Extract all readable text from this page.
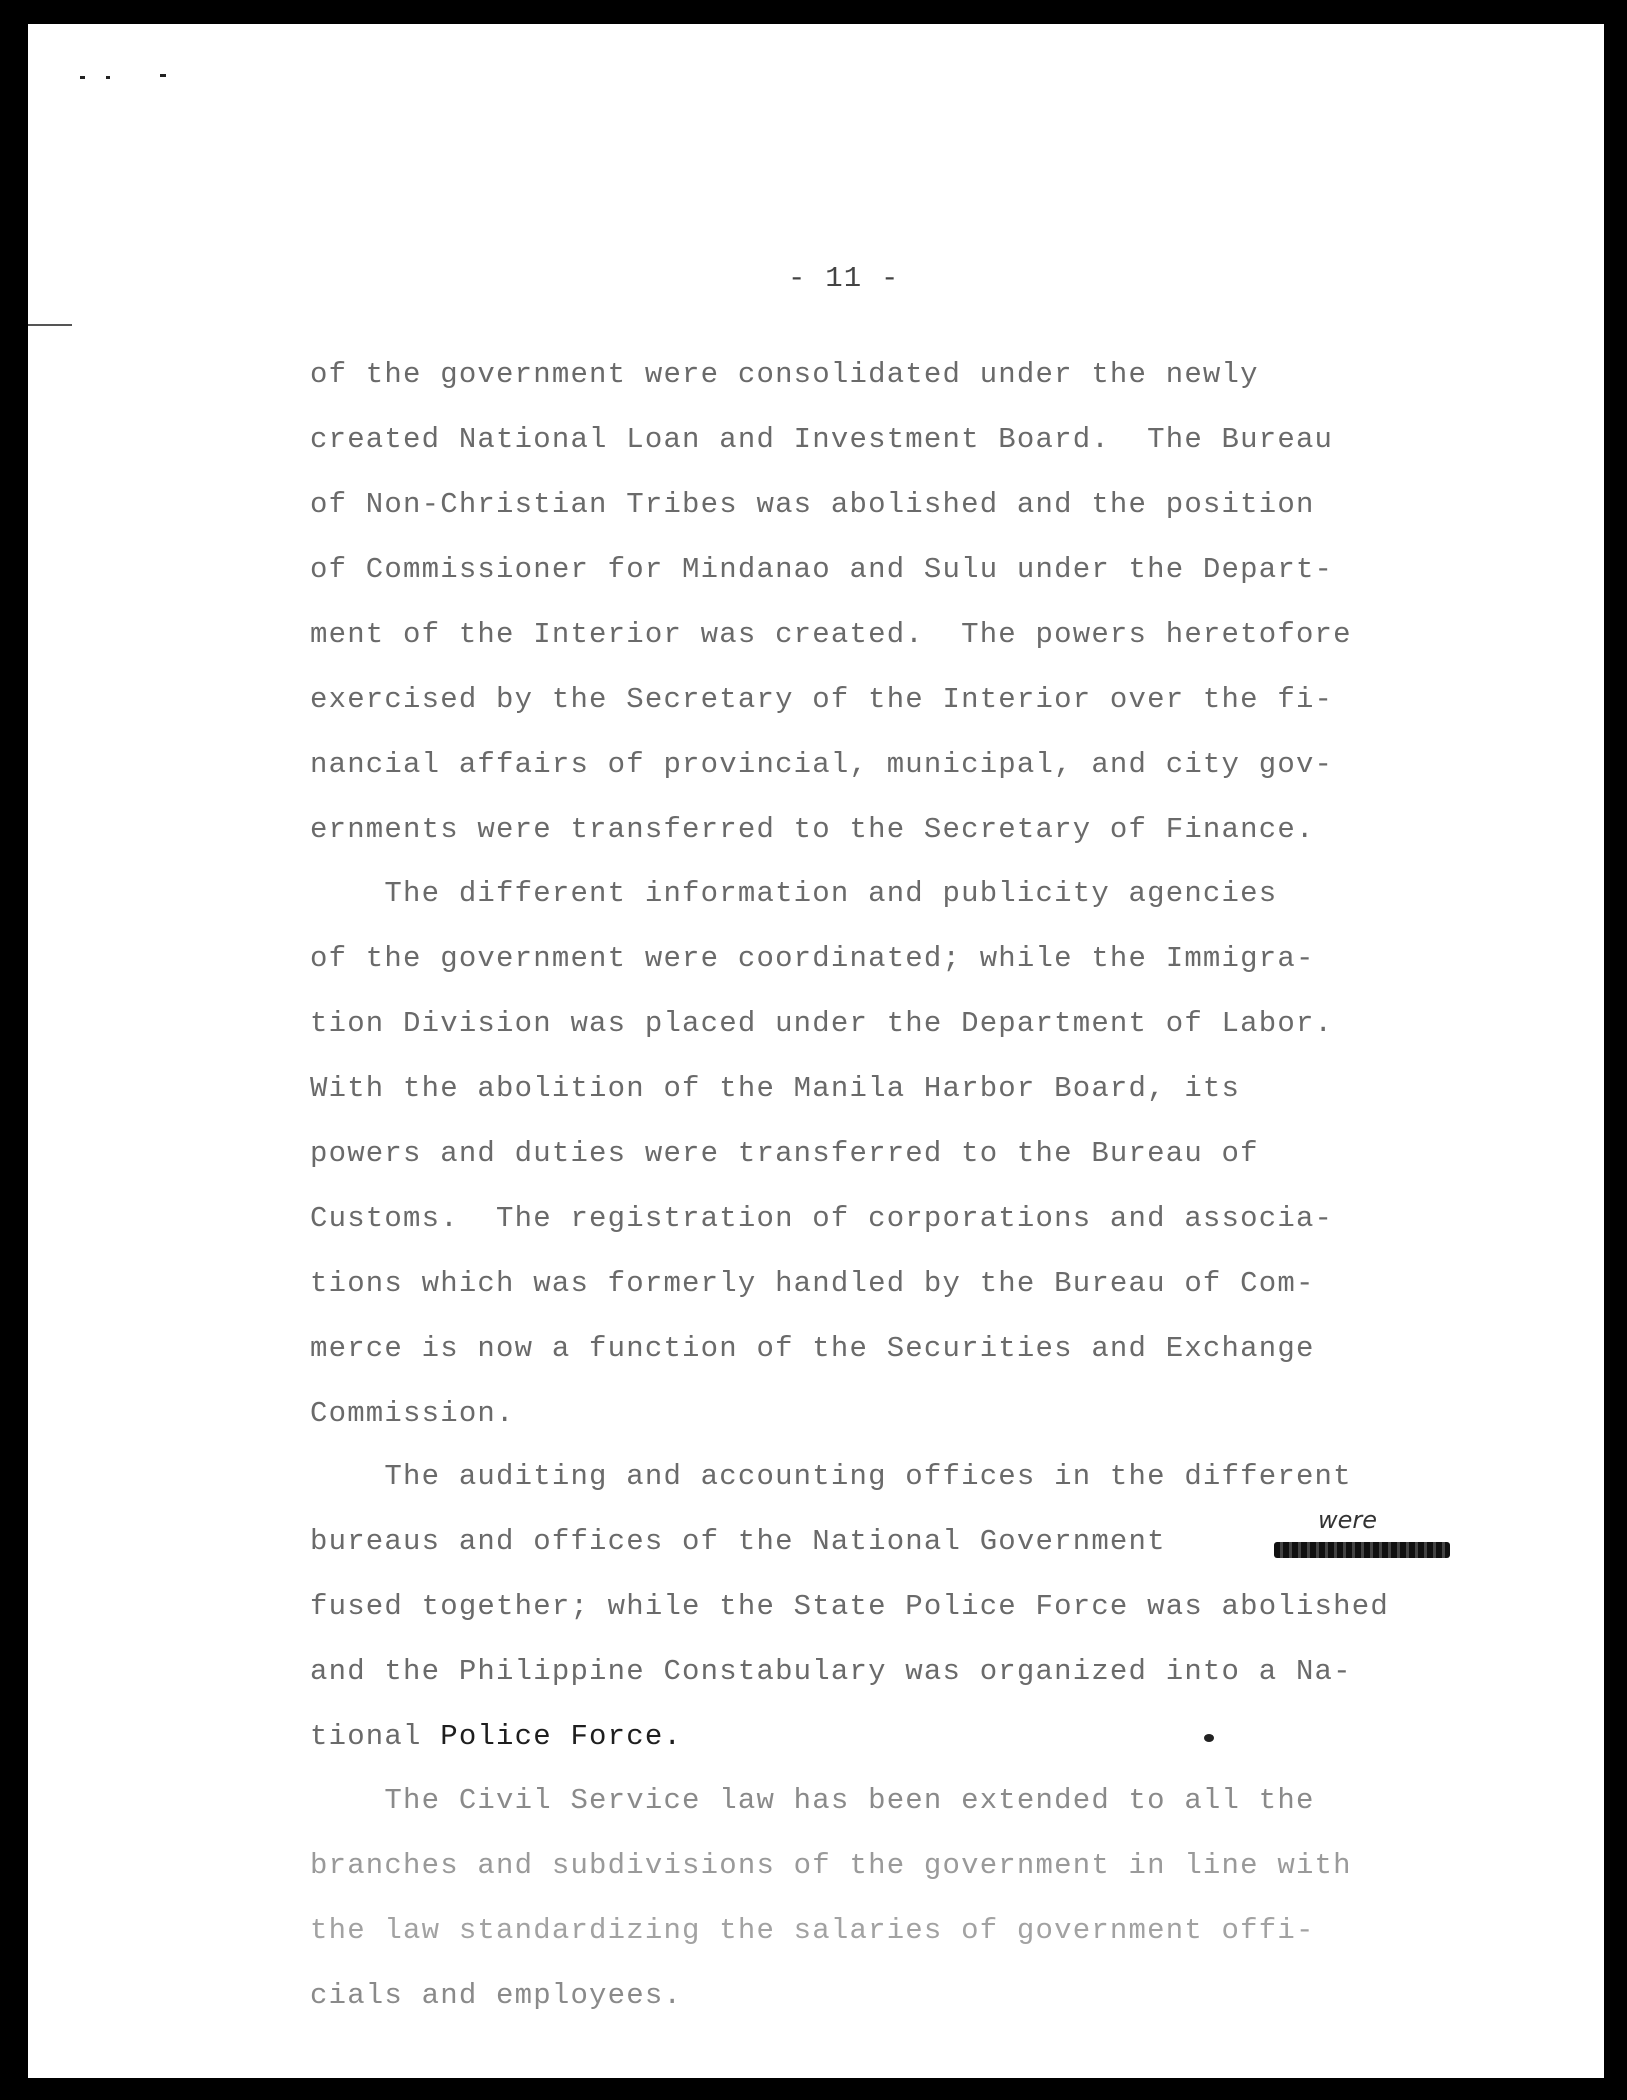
- 11 -
of the government were consolidated under the newly
created National Loan and Investment Board.  The Bureau
of Non-Christian Tribes was abolished and the position
of Commissioner for Mindanao and Sulu under the Depart-
ment of the Interior was created.  The powers heretofore
exercised by the Secretary of the Interior over the fi-
nancial affairs of provincial, municipal, and city gov-
ernments were transferred to the Secretary of Finance.
The different information and publicity agencies
of the government were coordinated; while the Immigra-
tion Division was placed under the Department of Labor.
With the abolition of the Manila Harbor Board, its
powers and duties were transferred to the Bureau of
Customs.  The registration of corporations and associa-
tions which was formerly handled by the Bureau of Com-
merce is now a function of the Securities and Exchange
Commission.
The auditing and accounting offices in the different
bureaus and offices of the National Government
were
fused together; while the State Police Force was abolished
and the Philippine Constabulary was organized into a Na-
tional Police Force.
The Civil Service law has been extended to all the
branches and subdivisions of the government in line with
the law standardizing the salaries of government offi-
cials and employees.
